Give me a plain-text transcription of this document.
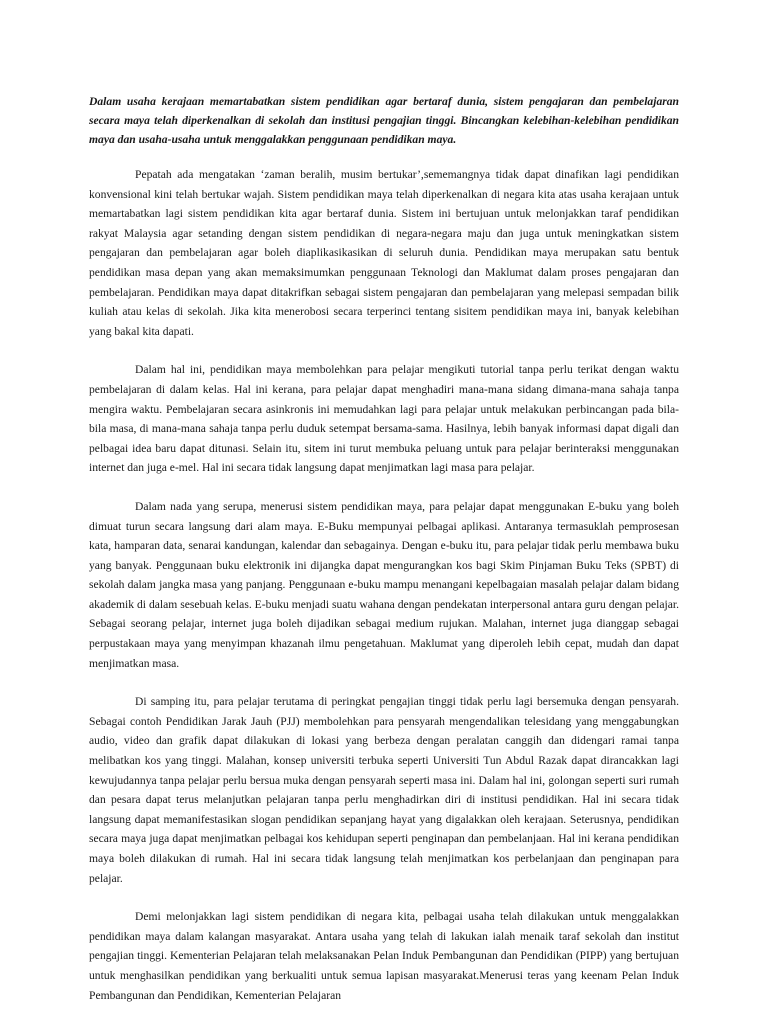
Dalam usaha kerajaan memartabatkan sistem pendidikan agar bertaraf dunia, sistem pengajaran dan pembelajaran secara maya telah diperkenalkan di sekolah dan institusi pengajian tinggi. Bincangkan kelebihan-kelebihan pendidikan maya dan usaha-usaha untuk menggalakkan penggunaan pendidikan maya.

Pepatah ada mengatakan ‘zaman beralih, musim bertukar’,sememangnya tidak dapat dinafikan lagi pendidikan konvensional kini telah bertukar wajah. Sistem pendidikan maya telah diperkenalkan di negara kita atas usaha kerajaan untuk memartabatkan lagi sistem pendidikan kita agar bertaraf dunia. Sistem ini bertujuan untuk melonjakkan taraf pendidikan rakyat Malaysia agar setanding dengan sistem pendidikan di negara-negara maju dan juga untuk meningkatkan sistem pengajaran dan pembelajaran agar boleh diaplikasikasikan di seluruh dunia. Pendidikan maya merupakan satu bentuk pendidikan masa depan yang akan memaksimumkan penggunaan Teknologi dan Maklumat dalam proses pengajaran dan pembelajaran. Pendidikan maya dapat ditakrifkan sebagai sistem pengajaran dan pembelajaran yang melepasi sempadan bilik kuliah atau kelas di sekolah. Jika kita menerobosi secara terperinci tentang sisitem pendidikan maya ini, banyak kelebihan yang bakal kita dapati.

Dalam hal ini, pendidikan maya membolehkan para pelajar mengikuti tutorial tanpa perlu terikat dengan waktu pembelajaran di dalam kelas. Hal ini kerana, para pelajar dapat menghadiri mana-mana sidang dimana-mana sahaja tanpa mengira waktu. Pembelajaran secara asinkronis ini memudahkan lagi para pelajar untuk melakukan perbincangan pada bila-bila masa, di mana-mana sahaja tanpa perlu duduk setempat bersama-sama. Hasilnya, lebih banyak informasi dapat digali dan pelbagai idea baru dapat ditunasi. Selain itu, sitem ini turut membuka peluang untuk para pelajar berinteraksi menggunakan internet dan juga e-mel. Hal ini secara tidak langsung dapat menjimatkan lagi masa para pelajar.

Dalam nada yang serupa, menerusi sistem pendidikan maya, para pelajar dapat menggunakan E-buku yang boleh dimuat turun secara langsung dari alam maya. E-Buku mempunyai pelbagai aplikasi. Antaranya termasuklah pemprosesan kata, hamparan data, senarai kandungan, kalendar dan sebagainya. Dengan e-buku itu, para pelajar tidak perlu membawa buku yang banyak. Penggunaan buku elektronik ini dijangka dapat mengurangkan kos bagi Skim Pinjaman Buku Teks (SPBT) di sekolah dalam jangka masa yang panjang. Penggunaan e-buku mampu menangani kepelbagaian masalah pelajar dalam bidang akademik di dalam sesebuah kelas. E-buku menjadi suatu wahana dengan pendekatan interpersonal antara guru dengan pelajar. Sebagai seorang pelajar, internet juga boleh dijadikan sebagai medium rujukan. Malahan, internet juga dianggap sebagai perpustakaan maya yang menyimpan khazanah ilmu pengetahuan. Maklumat yang diperoleh lebih cepat, mudah dan dapat menjimatkan masa.

Di samping itu, para pelajar terutama di peringkat pengajian tinggi tidak perlu lagi bersemuka dengan pensyarah. Sebagai contoh Pendidikan Jarak Jauh (PJJ) membolehkan para pensyarah mengendalikan telesidang yang menggabungkan audio, video dan grafik dapat dilakukan di lokasi yang berbeza dengan peralatan canggih dan didengari ramai tanpa melibatkan kos yang tinggi. Malahan, konsep universiti terbuka seperti Universiti Tun Abdul Razak dapat dirancakkan lagi kewujudannya tanpa pelajar perlu bersua muka dengan pensyarah seperti masa ini. Dalam hal ini, golongan seperti suri rumah dan pesara dapat terus melanjutkan pelajaran tanpa perlu menghadirkan diri di institusi pendidikan. Hal ini secara tidak langsung dapat memanifestasikan slogan pendidikan sepanjang hayat yang digalakkan oleh kerajaan. Seterusnya, pendidikan secara maya juga dapat menjimatkan pelbagai kos kehidupan seperti penginapan dan pembelanjaan. Hal ini kerana pendidikan maya boleh dilakukan di rumah. Hal ini secara tidak langsung telah menjimatkan kos perbelanjaan dan penginapan para pelajar.

Demi melonjakkan lagi sistem pendidikan di negara kita, pelbagai usaha telah dilakukan untuk menggalakkan pendidikan maya dalam kalangan masyarakat. Antara usaha yang telah di lakukan ialah menaik taraf sekolah dan institut pengajian tinggi. Kementerian Pelajaran telah melaksanakan Pelan Induk Pembangunan dan Pendidikan (PIPP) yang bertujuan untuk menghasilkan pendidikan yang berkualiti untuk semua lapisan masyarakat.Menerusi teras yang keenam Pelan Induk Pembangunan dan Pendidikan, Kementerian Pelajaran
